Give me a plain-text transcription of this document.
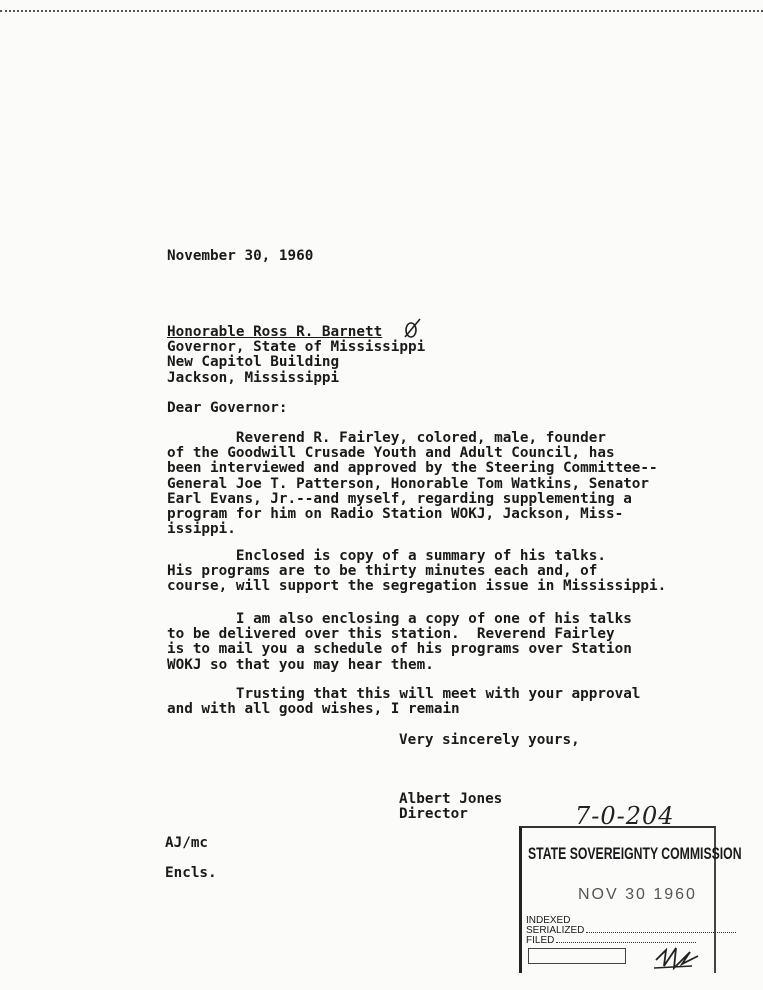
November 30, 1960
Honorable Ross R. Barnett
Governor, State of Mississippi
New Capitol Building
Jackson, Mississippi
Dear Governor:
Reverend R. Fairley, colored, male, founder
of the Goodwill Crusade Youth and Adult Council, has
been interviewed and approved by the Steering Committee--
General Joe T. Patterson, Honorable Tom Watkins, Senator
Earl Evans, Jr.--and myself, regarding supplementing a
program for him on Radio Station WOKJ, Jackson, Miss-
issippi.
Enclosed is copy of a summary of his talks.
His programs are to be thirty minutes each and, of
course, will support the segregation issue in Mississippi.
I am also enclosing a copy of one of his talks
to be delivered over this station.  Reverend Fairley
is to mail you a schedule of his programs over Station
WOKJ so that you may hear them.
Trusting that this will meet with your approval
and with all good wishes, I remain
Very sincerely yours,
Albert Jones
Director
AJ/mc
Encls.
7-0-204
STATE SOVEREIGNTY COMMISSION
NOV 30 1960
INDEXED
SERIALIZED
FILED
